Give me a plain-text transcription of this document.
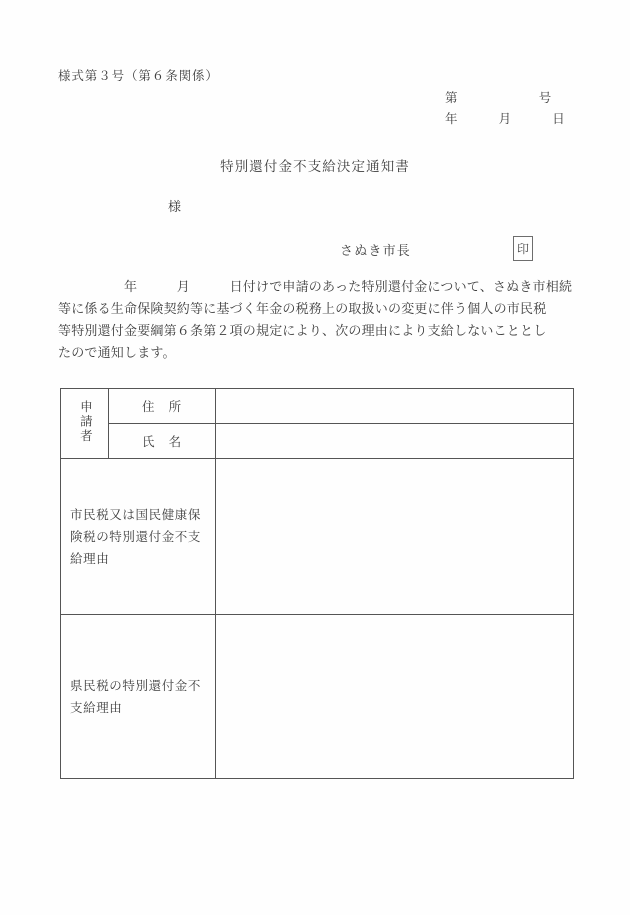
様式第３号（第６条関係）
第　　　　　　号
年　　　月　　　日
特別還付金不支給決定通知書
様
さぬき市長	印
　　　　　年　　　月　　　日付けで申請のあった特別還付金について、さぬき市相続
等に係る生命保険契約等に基づく年金の税務上の取扱いの変更に伴う個人の市民税
等特別還付金要綱第６条第２項の規定により、次の理由により支給しないこととし
たので通知します。
申請者	住　所	
	氏　名	

市民税又は国民健康保険税の特別還付金不支給理由		

県民税の特別還付金不支給理由		
